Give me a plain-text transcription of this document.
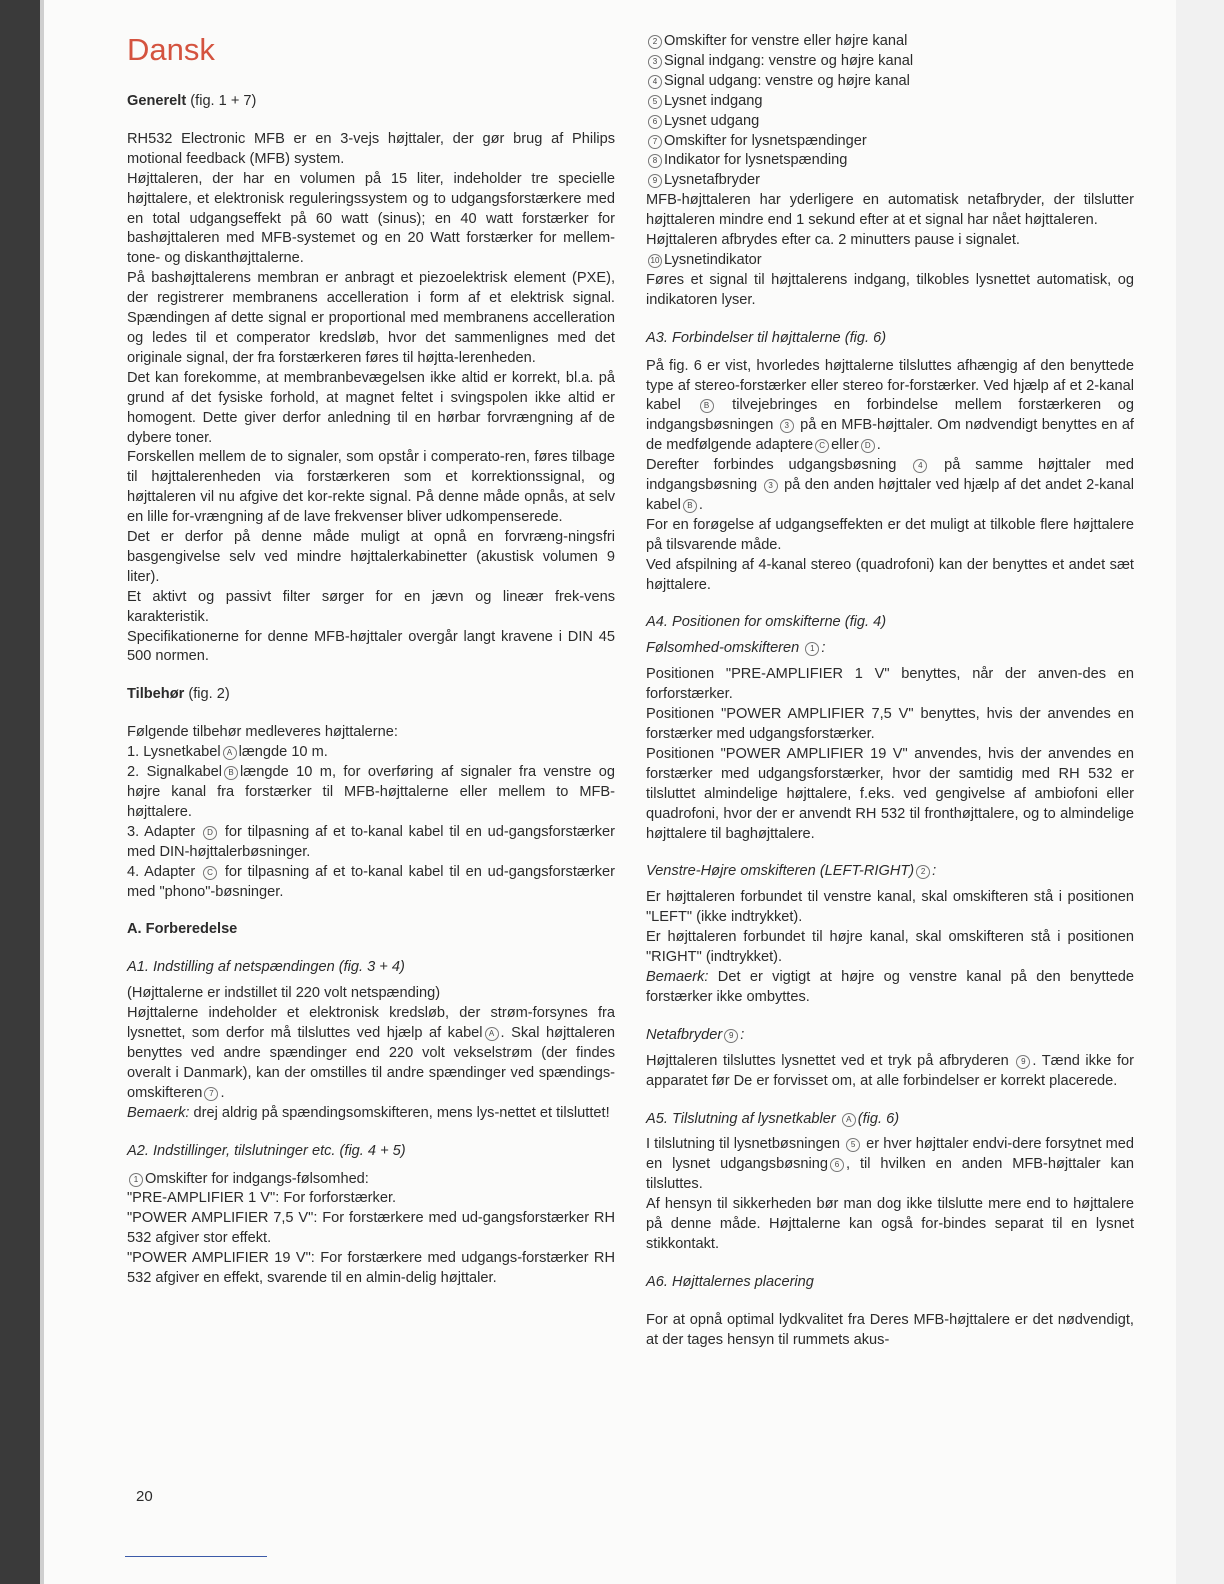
Dansk

Generelt (fig. 1 + 7)

RH532 Electronic MFB er en 3-vejs højttaler, der gør brug af Philips motional feedback (MFB) system.

Højttaleren, der har en volumen på 15 liter, indeholder tre specielle højttalere, et elektronisk reguleringssystem og to udgangsforstærkere med en total udgangseffekt på 60 watt (sinus); en 40 watt forstærker for bashøjttaleren med MFB-systemet og en 20 Watt forstærker for mellem-tone- og diskanthøjttalerne.

På bashøjttalerens membran er anbragt et piezoelektrisk element (PXE), der registrerer membranens accelleration i form af et elektrisk signal. Spændingen af dette signal er proportional med membranens accelleration og ledes til et comperator kredsløb, hvor det sammenlignes med det originale signal, der fra forstærkeren føres til højtta-lerenheden.

Det kan forekomme, at membranbevægelsen ikke altid er korrekt, bl.a. på grund af det fysiske forhold, at magnet feltet i svingspolen ikke altid er homogent. Dette giver derfor anledning til en hørbar forvrængning af de dybere toner.

Forskellen mellem de to signaler, som opstår i comperato-ren, føres tilbage til højttalerenheden via forstærkeren som et korrektionssignal, og højttaleren vil nu afgive det kor-rekte signal. På denne måde opnås, at selv en lille for-vrængning af de lave frekvenser bliver udkompenserede.

Det er derfor på denne måde muligt at opnå en forvræng-ningsfri basgengivelse selv ved mindre højttalerkabinetter (akustisk volumen 9 liter).

Et aktivt og passivt filter sørger for en jævn og lineær frek-vens karakteristik.

Specifikationerne for denne MFB-højttaler overgår langt kravene i DIN 45 500 normen.

Tilbehør (fig. 2)

Følgende tilbehør medleveres højttalerne:

1. Lysnetkabel A længde 10 m.

2. Signalkabel B længde 10 m, for overføring af signaler fra venstre og højre kanal fra forstærker til MFB-højttalerne eller mellem to MFB-højttalere.

3. Adapter D for tilpasning af et to-kanal kabel til en ud-gangsforstærker med DIN-højttalerbøsninger.

4. Adapter C for tilpasning af et to-kanal kabel til en ud-gangsforstærker med "phono"-bøsninger.

A. Forberedelse

A1. Indstilling af netspændingen (fig. 3 + 4)

(Højttalerne er indstillet til 220 volt netspænding)

Højttalerne indeholder et elektronisk kredsløb, der strøm-forsynes fra lysnettet, som derfor må tilsluttes ved hjælp af kabel A . Skal højttaleren benyttes ved andre spændinger end 220 volt vekselstrøm (der findes overalt i Danmark), kan der omstilles til andre spændinger ved spændings-omskifteren 7 .

Bemaerk: drej aldrig på spændingsomskifteren, mens lys-nettet et tilsluttet!

A2. Indstillinger, tilslutninger etc. (fig. 4 + 5)

1 Omskifter for indgangs-følsomhed:

"PRE-AMPLIFIER 1 V": For forforstærker.

"POWER AMPLIFIER 7,5 V": For forstærkere med ud-gangsforstærker RH 532 afgiver stor effekt.

"POWER AMPLIFIER 19 V": For forstærkere med udgangs-forstærker RH 532 afgiver en effekt, svarende til en almin-delig højttaler.

2 Omskifter for venstre eller højre kanal

3 Signal indgang: venstre og højre kanal

4 Signal udgang: venstre og højre kanal

5 Lysnet indgang

6 Lysnet udgang

7 Omskifter for lysnetspændinger

8 Indikator for lysnetspænding

9 Lysnetafbryder

MFB-højttaleren har yderligere en automatisk netafbryder, der tilslutter højttaleren mindre end 1 sekund efter at et signal har nået højttaleren.

Højttaleren afbrydes efter ca. 2 minutters pause i signalet.

10 Lysnetindikator

Føres et signal til højttalerens indgang, tilkobles lysnettet automatisk, og indikatoren lyser.

A3. Forbindelser til højttalerne (fig. 6)

På fig. 6 er vist, hvorledes højttalerne tilsluttes afhængig af den benyttede type af stereo-forstærker eller stereo for-forstærker. Ved hjælp af et 2-kanal kabel	B tilvejebringes en forbindelse mellem forstærkeren og indgangsbøsningen 3 på en MFB-højttaler. Om nødvendigt benyttes en af de medfølgende adaptere C eller D .

Derefter forbindes udgangsbøsning	4 på samme højttaler med indgangsbøsning 3 på den anden højttaler ved hjælp af det andet 2-kanal kabel B .

For en forøgelse af udgangseffekten er det muligt at tilkoble flere højttalere på tilsvarende måde.

Ved afspilning af 4-kanal stereo (quadrofoni) kan der benyttes et andet sæt højttalere.

A4. Positionen for omskifterne (fig. 4)

Følsomhed-omskifteren 1 :

Positionen "PRE-AMPLIFIER 1 V" benyttes, når der anven-des en forforstærker.

Positionen "POWER AMPLIFIER 7,5 V" benyttes, hvis der anvendes en forstærker med udgangsforstærker.

Positionen "POWER AMPLIFIER 19 V" anvendes, hvis der anvendes en forstærker med udgangsforstærker, hvor der samtidig med RH 532 er tilsluttet almindelige højttalere, f.eks. ved gengivelse af ambiofoni eller quadrofoni, hvor der er anvendt RH 532 til fronthøjttalere, og to almindelige højttalere til baghøjttalere.

Venstre-Højre omskifteren (LEFT-RIGHT) 2 :

Er højttaleren forbundet til venstre kanal, skal omskifteren stå i positionen "LEFT" (ikke indtrykket).

Er højttaleren forbundet til højre kanal, skal omskifteren stå i positionen "RIGHT" (indtrykket).

Bemaerk: Det er vigtigt at højre og venstre kanal på den benyttede forstærker ikke ombyttes.

Netafbryder 9 :

Højttaleren tilsluttes lysnettet ved et tryk på afbryderen 9 . Tænd ikke for apparatet før De er forvisset om, at alle forbindelser er korrekt placerede.

A5. Tilslutning af lysnetkabler A (fig. 6)

I tilslutning til lysnetbøsningen 5 er hver højttaler endvi-dere forsytnet med en lysnet udgangsbøsning 6 , til hvilken en anden MFB-højttaler kan tilsluttes.

Af hensyn til sikkerheden bør man dog ikke tilslutte mere end to højttalere på denne måde. Højttalerne kan også for-bindes separat til en lysnet stikkontakt.

A6. Højttalernes placering

For at opnå optimal lydkvalitet fra Deres MFB-højttalere er det nødvendigt, at der tages hensyn til rummets akus-

20
